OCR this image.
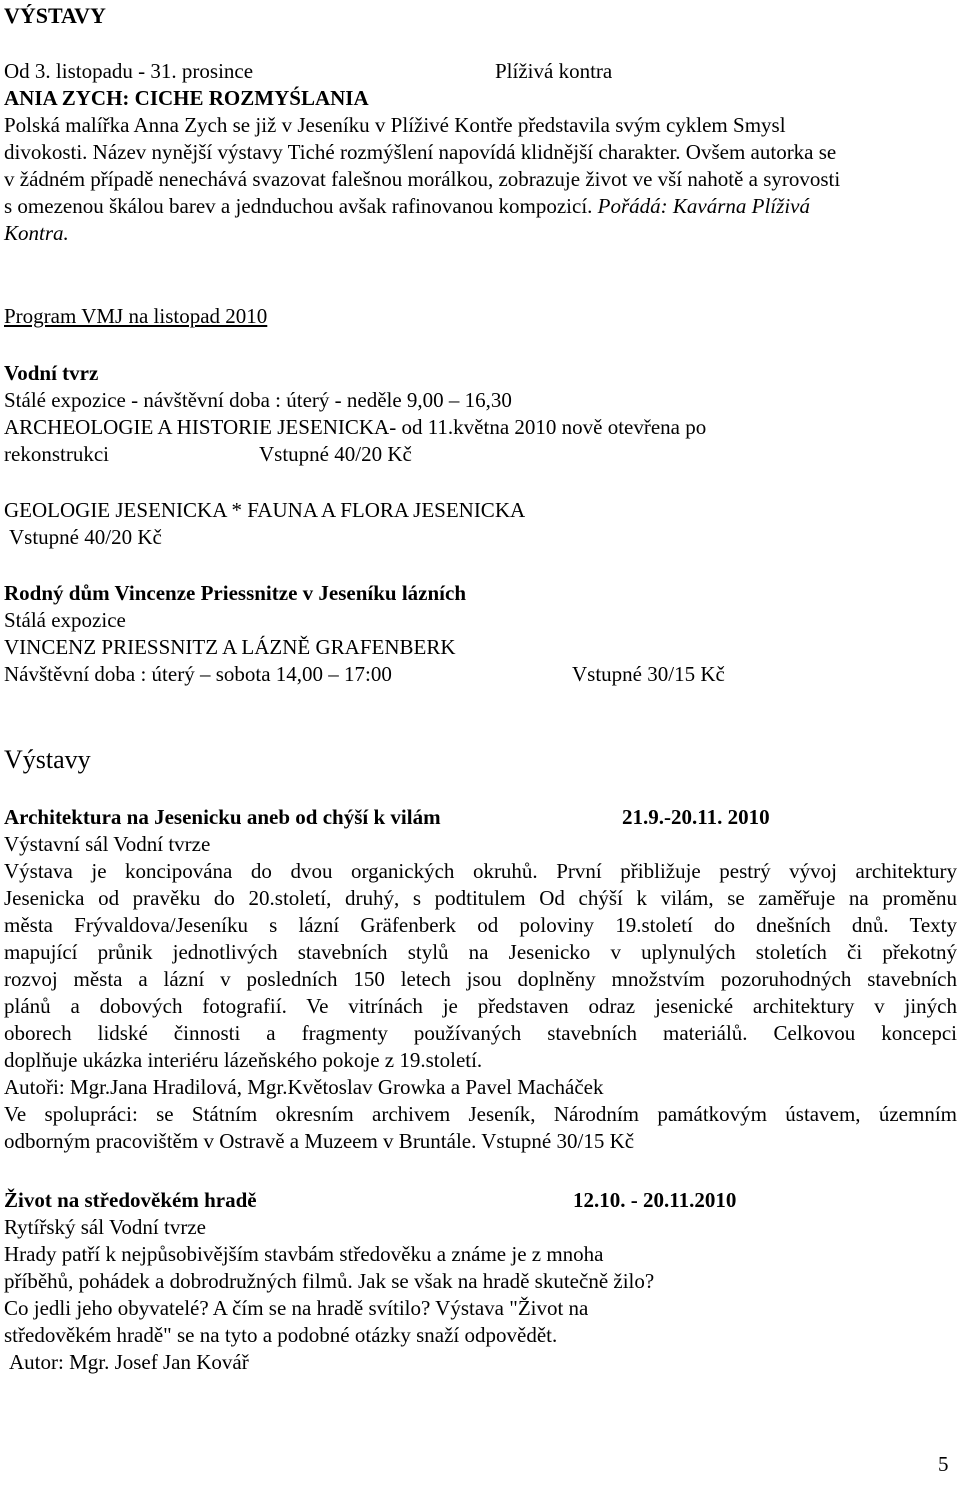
VÝSTAVY
Od 3. listopadu - 31. prosince	Plíživá kontra
ANIA ZYCH: CICHE ROZMYŚLANIA
Polská malířka Anna Zych se již v Jeseníku v Plíživé Kontře představila svým cyklem Smysl
divokosti. Název nynější výstavy Tiché rozmýšlení napovídá klidnější charakter. Ovšem autorka se
v žádném případě nenechává svazovat falešnou morálkou, zobrazuje život ve vší nahotě a syrovosti
s omezenou škálou barev a jednduchou avšak rafinovanou kompozicí. Pořádá: Kavárna Plíživá
Kontra.
Program VMJ na listopad 2010
Vodní tvrz
Stálé expozice - návštěvní doba : úterý - neděle 9,00 – 16,30
ARCHEOLOGIE A HISTORIE JESENICKA- od 11.května 2010 nově otevřena po
rekonstrukci	Vstupné 40/20 Kč
GEOLOGIE JESENICKA * FAUNA A FLORA JESENICKA
Vstupné 40/20 Kč
Rodný dům Vincenze Priessnitze v Jeseníku lázních
Stálá expozice
VINCENZ PRIESSNITZ A LÁZNĚ GRAFENBERK
Návštěvní doba : úterý – sobota 14,00 – 17:00	Vstupné 30/15 Kč
Výstavy
Architektura na Jesenicku aneb od chýší k vilám	21.9.-20.11. 2010
Výstavní sál Vodní tvrze
Výstava je koncipována do dvou organických okruhů. První přibližuje pestrý vývoj architektury
Jesenicka od pravěku do 20.století, druhý, s podtitulem Od chýší k vilám, se zaměřuje na proměnu
města Frývaldova/Jeseníku s lázní Gräfenberk od poloviny 19.století do dnešních dnů. Texty
mapující průnik jednotlivých stavebních stylů na Jesenicko v uplynulých stoletích či překotný
rozvoj města a lázní v posledních 150 letech jsou doplněny množstvím pozoruhodných stavebních
plánů a dobových fotografií. Ve vitrínách je představen odraz jesenické architektury v jiných
oborech lidské činnosti a fragmenty používaných stavebních materiálů. Celkovou koncepci
doplňuje ukázka interiéru lázeňského pokoje z 19.století.
Autoři: Mgr.Jana Hradilová, Mgr.Květoslav Growka a Pavel Macháček
Ve spolupráci: se Státním okresním archivem Jeseník, Národním památkovým ústavem, územním
odborným pracovištěm v Ostravě a Muzeem v Bruntále. Vstupné 30/15 Kč
Život na středověkém hradě	12.10. - 20.11.2010
Rytířský sál Vodní tvrze
Hrady patří k nejpůsobivějším stavbám středověku a známe je z mnoha
příběhů, pohádek a dobrodružných filmů. Jak se však na hradě skutečně žilo?
Co jedli jeho obyvatelé? A čím se na hradě svítilo? Výstava "Život na
středověkém hradě" se na tyto a podobné otázky snaží odpovědět.
Autor: Mgr. Josef Jan Kovář
5
